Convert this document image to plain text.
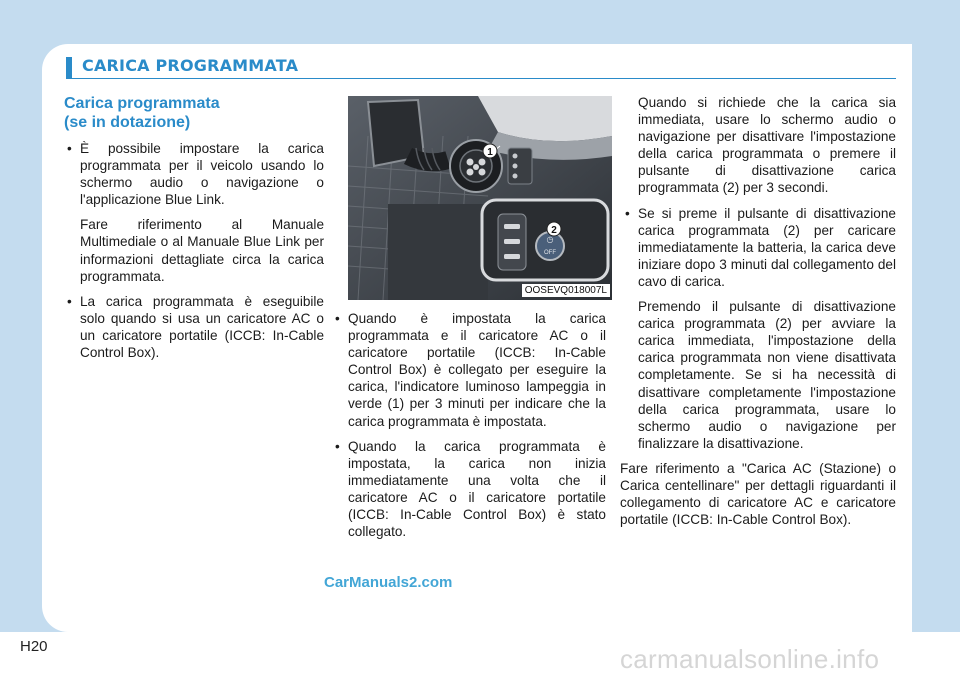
CARICA PROGRAMMATA
Carica programmata
(se in dotazione)
• È possibile impostare la carica programmata per il veicolo usando lo schermo audio o navigazione o l'applicazione Blue Link.

Fare riferimento al Manuale Multimediale o al Manuale Blue Link per informazioni dettagliate circa la carica programmata.

• La carica programmata è eseguibile solo quando si usa un caricatore AC o un caricatore portatile (ICCB: In-Cable Control Box).
1
◷
OFF
2
OOSEVQ018007L
• Quando è impostata la carica programmata e il caricatore AC o il caricatore portatile (ICCB: In-Cable Control Box) è collegato per eseguire la carica, l'indicatore luminoso lampeggia in verde (1) per 3 minuti per indicare che la carica programmata è impostata.
• Quando la carica programmata è impostata, la carica non inizia immediatamente una volta che il caricatore AC o il caricatore portatile (ICCB: In-Cable Control Box) è stato collegato.

Quando si richiede che la carica sia immediata, usare lo schermo audio o navigazione per disattivare l'impostazione della carica programmata o premere il pulsante di disattivazione carica programmata (2) per 3 secondi.

• Se si preme il pulsante di disattivazione carica programmata (2) per caricare immediatamente la batteria, la carica deve iniziare dopo 3 minuti dal collegamento del cavo di carica.

Premendo il pulsante di disattivazione carica programmata (2) per avviare la carica immediata, l'impostazione della carica programmata non viene disattivata completamente. Se si ha necessità di disattivare completamente l'impostazione della carica programmata, usare lo schermo audio o navigazione per finalizzare la disattivazione.

Fare riferimento a "Carica AC (Stazione) o Carica centellinare" per dettagli riguardanti il collegamento di caricatore AC e caricatore portatile (ICCB: In-Cable Control Box).

CarManuals2.com
H20	carmanualsonline.info
